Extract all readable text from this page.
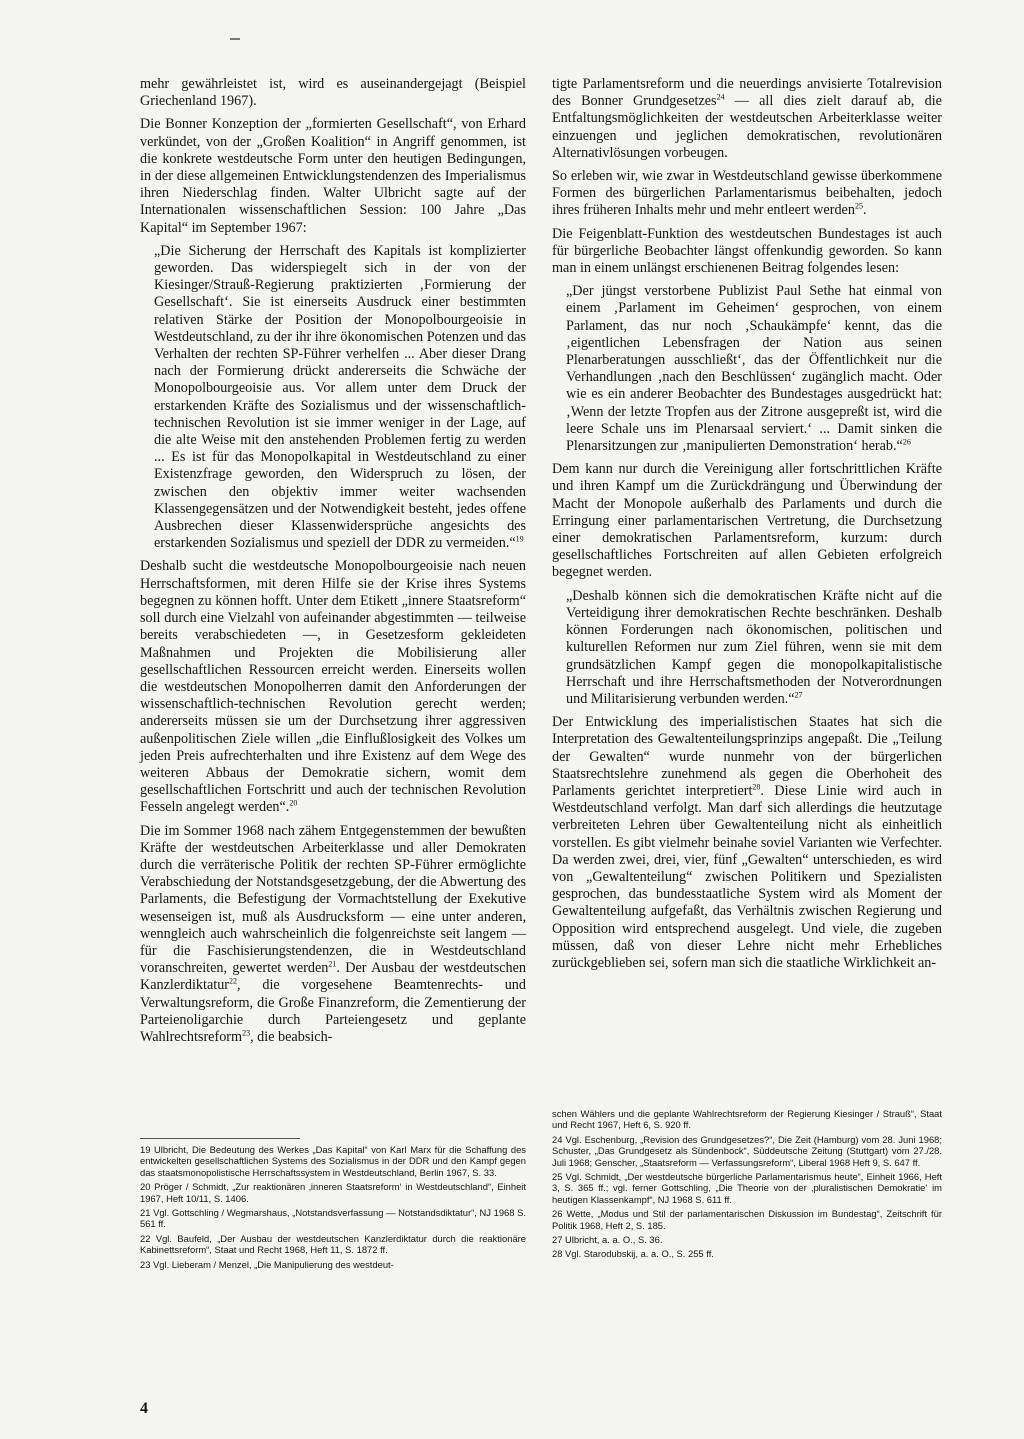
mehr gewährleistet ist, wird es auseinandergejagt (Beispiel Griechenland 1967).

Die Bonner Konzeption der „formierten Gesellschaft“, von Erhard verkündet, von der „Großen Koalition“ in Angriff genommen, ist die konkrete westdeutsche Form unter den heutigen Bedingungen, in der diese allgemeinen Entwicklungstendenzen des Imperialismus ihren Niederschlag finden. Walter Ulbricht sagte auf der Internationalen wissenschaftlichen Session: 100 Jahre „Das Kapital“ im September 1967:

„Die Sicherung der Herrschaft des Kapitals ist komplizierter geworden. Das widerspiegelt sich in der von der Kiesinger/Strauß-Regierung praktizierten ‚Formierung der Gesellschaft‘. Sie ist einerseits Ausdruck einer bestimmten relativen Stärke der Position der Monopolbourgeoisie in Westdeutschland, zu der ihr ihre ökonomischen Potenzen und das Verhalten der rechten SP-Führer verhelfen ... Aber dieser Drang nach der Formierung drückt andererseits die Schwäche der Monopolbourgeoisie aus. Vor allem unter dem Druck der erstarkenden Kräfte des Sozialismus und der wissenschaftlich-technischen Revolution ist sie immer weniger in der Lage, auf die alte Weise mit den anstehenden Problemen fertig zu werden ... Es ist für das Monopolkapital in Westdeutschland zu einer Existenzfrage geworden, den Widerspruch zu lösen, der zwischen den objektiv immer weiter wachsenden Klassengegensätzen und der Notwendigkeit besteht, jedes offene Ausbrechen dieser Klassenwidersprüche angesichts des erstarkenden Sozialismus und speziell der DDR zu vermeiden.“$^{19}$

Deshalb sucht die westdeutsche Monopolbourgeoisie nach neuen Herrschaftsformen, mit deren Hilfe sie der Krise ihres Systems begegnen zu können hofft. Unter dem Etikett „innere Staatsreform“ soll durch eine Vielzahl von aufeinander abgestimmten — teilweise bereits verabschiedeten —, in Gesetzesform gekleideten Maßnahmen und Projekten die Mobilisierung aller gesellschaftlichen Ressourcen erreicht werden. Einerseits wollen die westdeutschen Monopolherren damit den Anforderungen der wissenschaftlich-technischen Revolution gerecht werden; andererseits müssen sie um der Durchsetzung ihrer aggressiven außenpolitischen Ziele willen „die Einflußlosigkeit des Volkes um jeden Preis aufrechterhalten und ihre Existenz auf dem Wege des weiteren Abbaus der Demokratie sichern, womit dem gesellschaftlichen Fortschritt und auch der technischen Revolution Fesseln angelegt werden“.$^{20}$

Die im Sommer 1968 nach zähem Entgegenstemmen der bewußten Kräfte der westdeutschen Arbeiterklasse und aller Demokraten durch die verräterische Politik der rechten SP-Führer ermöglichte Verabschiedung der Notstandsgesetzgebung, der die Abwertung des Parlaments, die Befestigung der Vormachtstellung der Exekutive wesenseigen ist, muß als Ausdrucksform — eine unter anderen, wenngleich auch wahrscheinlich die folgenreichste seit langem — für die Faschisierungstendenzen, die in Westdeutschland voranschreiten, gewertet werden$^{21}$. Der Ausbau der westdeutschen Kanzlerdiktatur$^{22}$, die vorgesehene Beamtenrechts- und Verwaltungsreform, die Große Finanzreform, die Zementierung der Parteienoligarchie durch Parteiengesetz und geplante Wahlrechtsreform$^{23}$, die beabsich-

tigte Parlamentsreform und die neuerdings anvisierte Totalrevision des Bonner Grundgesetzes$^{24}$ — all dies zielt darauf ab, die Entfaltungsmöglichkeiten der westdeutschen Arbeiterklasse weiter einzuengen und jeglichen demokratischen, revolutionären Alternativlösungen vorbeugen.

So erleben wir, wie zwar in Westdeutschland gewisse überkommene Formen des bürgerlichen Parlamentarismus beibehalten, jedoch ihres früheren Inhalts mehr und mehr entleert werden$^{25}$.

Die Feigenblatt-Funktion des westdeutschen Bundestages ist auch für bürgerliche Beobachter längst offenkundig geworden. So kann man in einem unlängst erschienenen Beitrag folgendes lesen:

„Der jüngst verstorbene Publizist Paul Sethe hat einmal von einem ‚Parlament im Geheimen‘ gesprochen, von einem Parlament, das nur noch ‚Schaukämpfe‘ kennt, das die ‚eigentlichen Lebensfragen der Nation aus seinen Plenarberatungen ausschließt‘, das der Öffentlichkeit nur die Verhandlungen ‚nach den Beschlüssen‘ zugänglich macht. Oder wie es ein anderer Beobachter des Bundestages ausgedrückt hat: ‚Wenn der letzte Tropfen aus der Zitrone ausgepreßt ist, wird die leere Schale uns im Plenarsaal serviert.‘ ... Damit sinken die Plenarsitzungen zur ‚manipulierten Demonstration‘ herab.“$^{26}$

Dem kann nur durch die Vereinigung aller fortschrittlichen Kräfte und ihren Kampf um die Zurückdrängung und Überwindung der Macht der Monopole außerhalb des Parlaments und durch die Erringung einer parlamentarischen Vertretung, die Durchsetzung einer demokratischen Parlamentsreform, kurzum: durch gesellschaftliches Fortschreiten auf allen Gebieten erfolgreich begegnet werden.

„Deshalb können sich die demokratischen Kräfte nicht auf die Verteidigung ihrer demokratischen Rechte beschränken. Deshalb können Forderungen nach ökonomischen, politischen und kulturellen Reformen nur zum Ziel führen, wenn sie mit dem grundsätzlichen Kampf gegen die monopolkapitalistische Herrschaft und ihre Herrschaftsmethoden der Notverordnungen und Militarisierung verbunden werden.“$^{27}$

Der Entwicklung des imperialistischen Staates hat sich die Interpretation des Gewaltenteilungsprinzips angepaßt. Die „Teilung der Gewalten“ wurde nunmehr von der bürgerlichen Staatsrechtslehre zunehmend als gegen die Oberhoheit des Parlaments gerichtet interpretiert$^{28}$. Diese Linie wird auch in Westdeutschland verfolgt. Man darf sich allerdings die heutzutage verbreiteten Lehren über Gewaltenteilung nicht als einheitlich vorstellen. Es gibt vielmehr beinahe soviel Varianten wie Verfechter. Da werden zwei, drei, vier, fünf „Gewalten“ unterschieden, es wird von „Gewaltenteilung“ zwischen Politikern und Spezialisten gesprochen, das bundesstaatliche System wird als Moment der Gewaltenteilung aufgefaßt, das Verhältnis zwischen Regierung und Opposition wird entsprechend ausgelegt. Und viele, die zugeben müssen, daß von dieser Lehre nicht mehr Erhebliches zurückgeblieben sei, sofern man sich die staatliche Wirklichkeit an-

19 Ulbricht, Die Bedeutung des Werkes „Das Kapital“ von Karl Marx für die Schaffung des entwickelten gesellschaftlichen Systems des Sozialismus in der DDR und den Kampf gegen das staatsmonopolistische Herrschaftssystem in Westdeutschland, Berlin 1967, S. 33.

20 Pröger / Schmidt, „Zur reaktionären ‚inneren Staatsreform‘ in Westdeutschland“, Einheit 1967, Heft 10/11, S. 1406.

21 Vgl. Gottschling / Wegmarshaus, „Notstandsverfassung — Notstandsdiktatur“, NJ 1968 S. 561 ff.

22 Vgl. Baufeld, „Der Ausbau der westdeutschen Kanzlerdiktatur durch die reaktionäre Kabinettsreform“, Staat und Recht 1968, Heft 11, S. 1872 ff.

23 Vgl. Lieberam / Menzel, „Die Manipulierung des westdeut-

schen Wählers und die geplante Wahlrechtsreform der Regierung Kiesinger / Strauß“, Staat und Recht 1967, Heft 6, S. 920 ff.

24 Vgl. Eschenburg, „Revision des Grundgesetzes?“, Die Zeit (Hamburg) vom 28. Juni 1968; Schuster, „Das Grundgesetz als Sündenbock“, Süddeutsche Zeitung (Stuttgart) vom 27./28. Juli 1968; Genscher, „Staatsreform — Verfassungsreform“, Liberal 1968 Heft 9, S. 647 ff.

25 Vgl. Schmidt, „Der westdeutsche bürgerliche Parlamentarismus heute“, Einheit 1966, Heft 3, S. 365 ff.; vgl. ferner Gottschling, „Die Theorie von der ‚pluralistischen Demokratie‘ im heutigen Klassenkampf“, NJ 1968 S. 611 ff.

26 Wette, „Modus und Stil der parlamentarischen Diskussion im Bundestag“, Zeitschrift für Politik 1968, Heft 2, S. 185.

27 Ulbricht, a. a. O., S. 36.

28 Vgl. Starodubskij, a. a. O., S. 255 ff.

4
